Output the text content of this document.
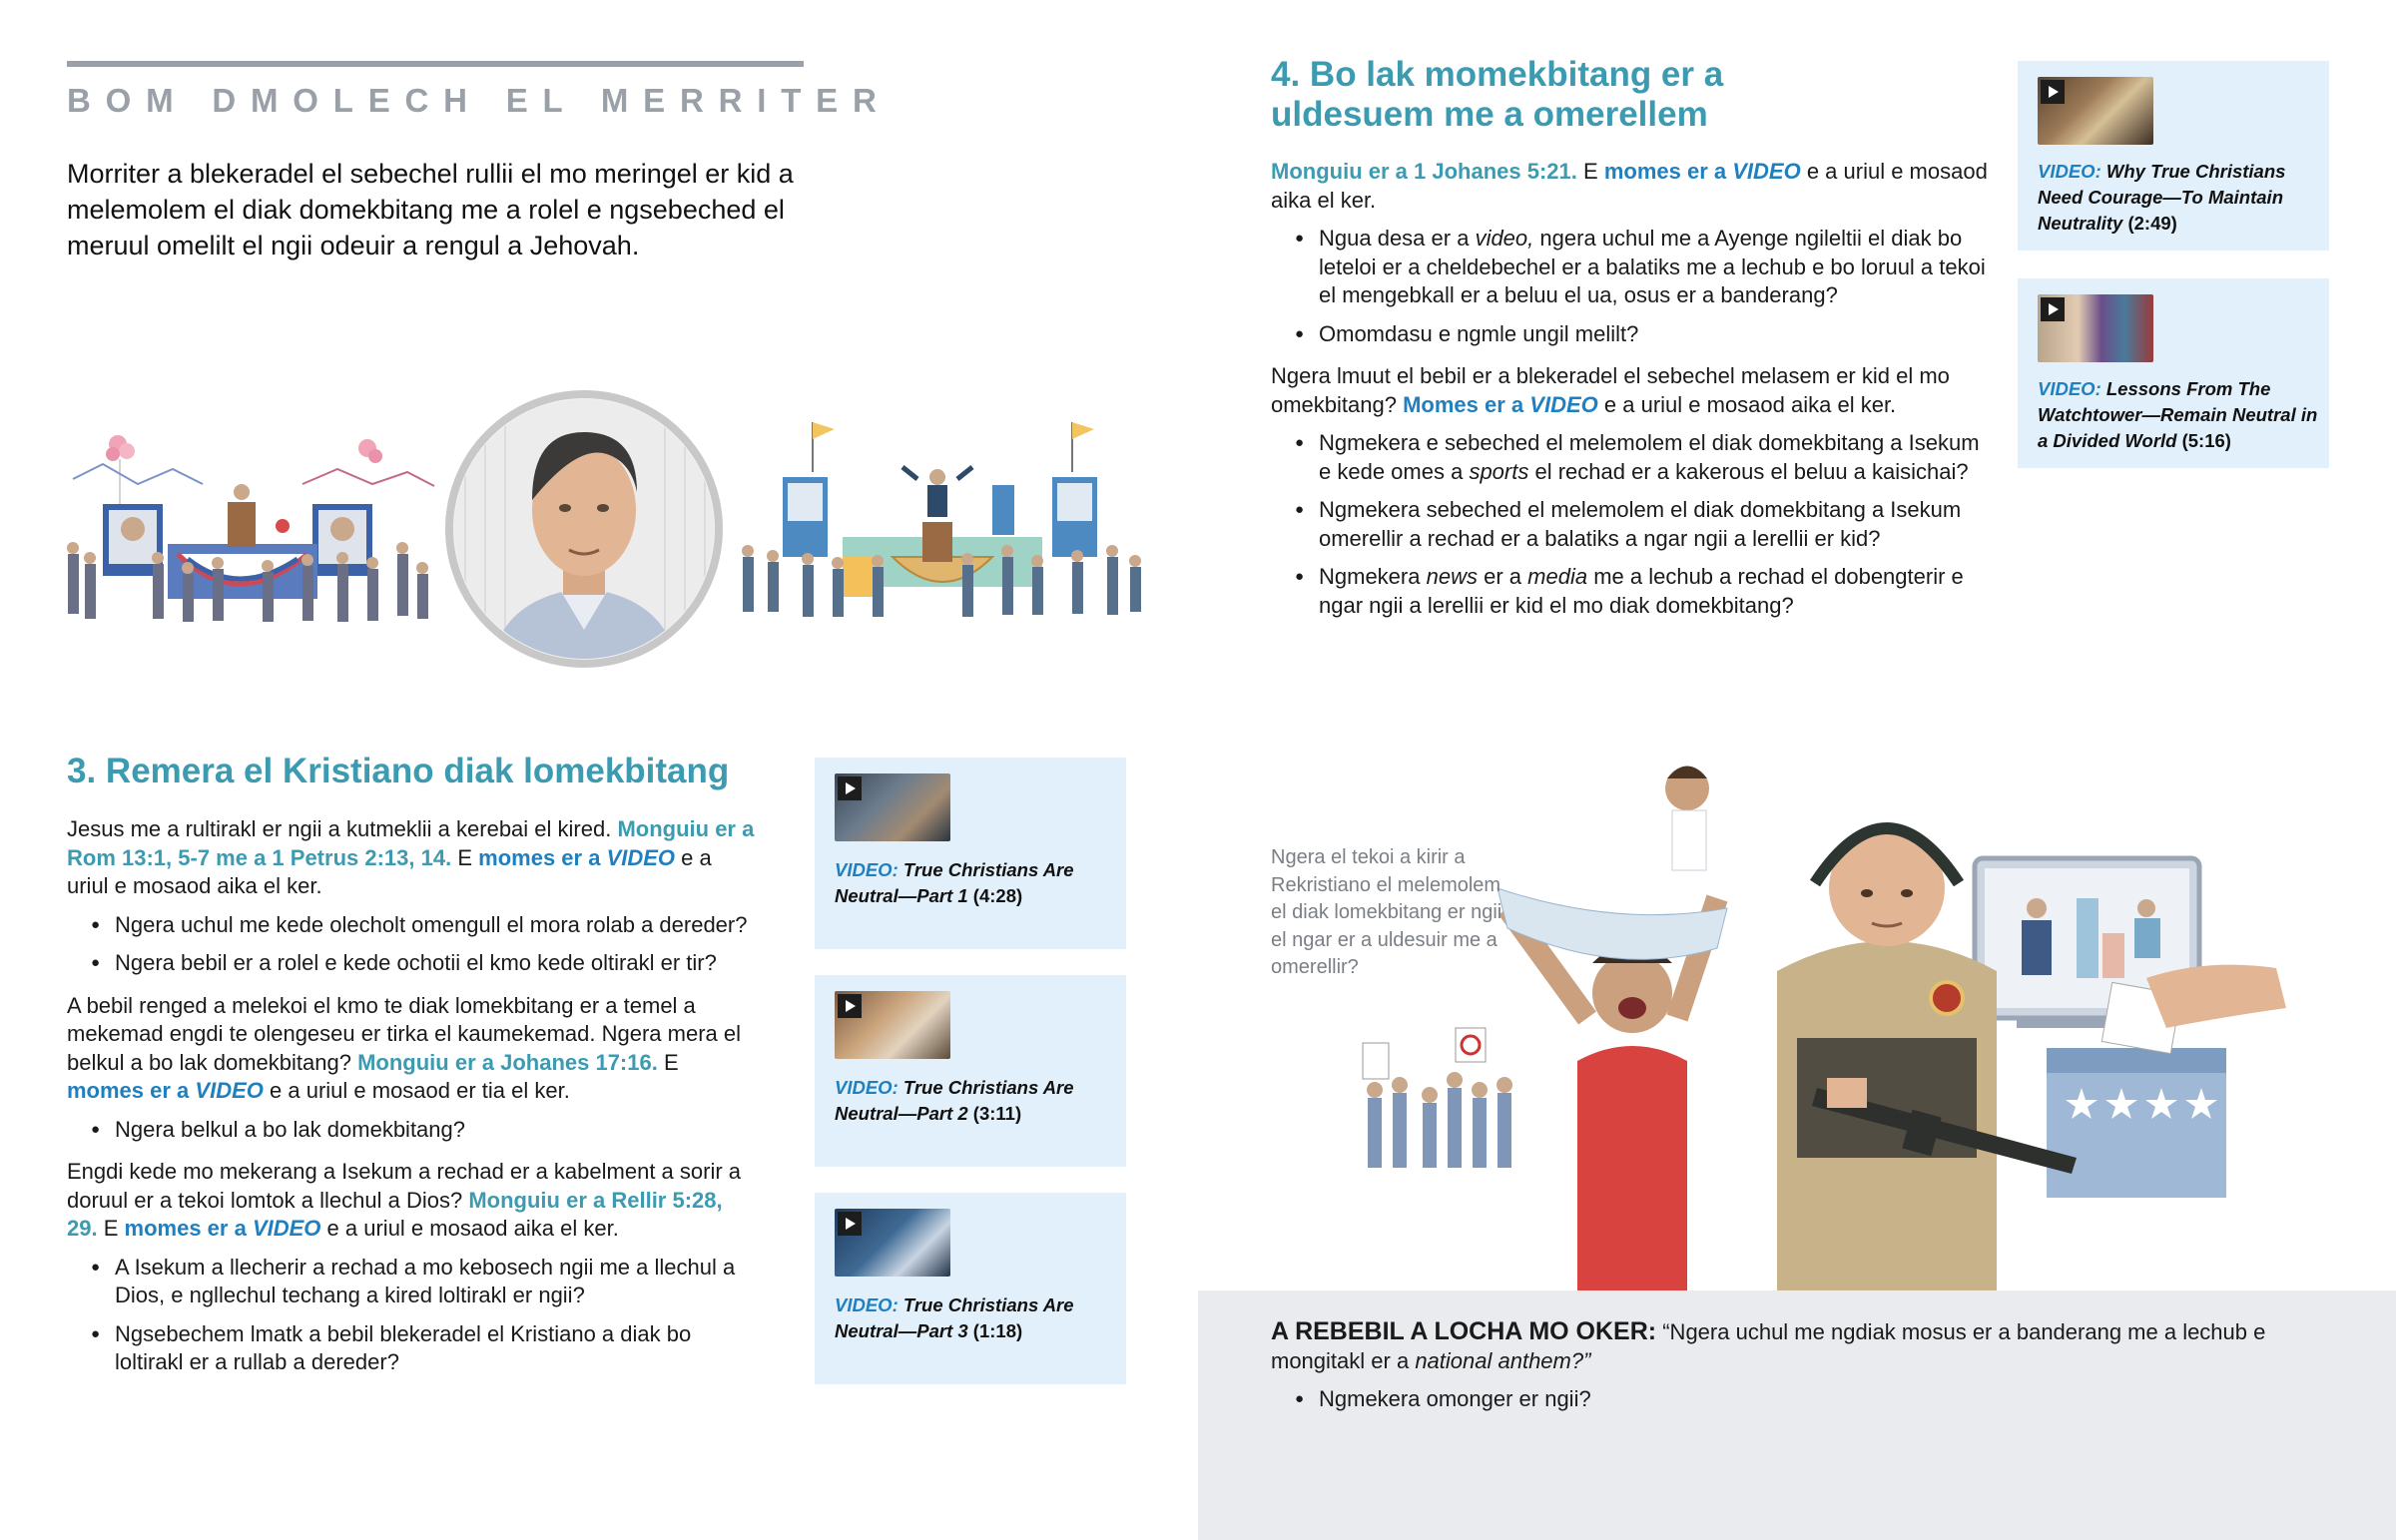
BOM DMOLECH EL MERRITER
Morriter a blekeradel el sebechel rullii el mo meringel er kid a melemolem el diak domekbitang me a rolel e ngsebeched el meruul omelilt el ngii odeuir a rengul a Jehovah.
3. Remera el Kristiano diak lomekbitang

Jesus me a rultirakl er ngii a kutmeklii a kerebai el kired. Monguiu er a Rom 13:1, 5-7 me a 1 Petrus 2:13, 14. E momes er a VIDEO e a uriul e mosaod aika el ker.

● Ngera uchul me kede olecholt omengull el mora rolab a dereder?
● Ngera bebil er a rolel e kede ochotii el kmo kede oltirakl er tir?

A bebil renged a melekoi el kmo te diak lomekbitang er a temel a mekemad engdi te olengeseu er tirka el kaumekemad. Ngera mera el belkul a bo lak domekbitang? Monguiu er a Johanes 17:16. E momes er a VIDEO e a uriul e mosaod er tia el ker.

● Ngera belkul a bo lak domekbitang?

Engdi kede mo mekerang a Isekum a rechad er a kabelment a sorir a doruul er a tekoi lomtok a llechul a Dios? Monguiu er a Rellir 5:28, 29. E momes er a VIDEO e a uriul e mosaod aika el ker.

● A Isekum a llecherir a rechad a mo kebosech ngii me a llechul a Dios, e ngllechul techang a kired loltirakl er ngii?
● Ngsebechem lmatk a bebil blekeradel el Kristiano a diak bo loltirakl er a rullab a dereder?
VIDEO: True Christians Are Neutral—Part 1 (4:28)
VIDEO: True Christians Are Neutral—Part 2 (3:11)
VIDEO: True Christians Are Neutral—Part 3 (1:18)
4. Bo lak momekbitang er a uldesuem me a omerellem

Monguiu er a 1 Johanes 5:21. E momes er a VIDEO e a uriul e mosaod aika el ker.

● Ngua desa er a video, ngera uchul me a Ayenge ngileltii el diak bo leteloi er a cheldebechel er a balatiks me a lechub e bo loruul a tekoi el mengebkall er a beluu el ua, osus er a banderang?
● Omomdasu e ngmle ungil melilt?

Ngera lmuut el bebil er a blekeradel el sebechel melasem er kid el mo omekbitang? Momes er a VIDEO e a uriul e mosaod aika el ker.

● Ngmekera e sebeched el melemolem el diak domekbitang a Isekum e kede omes a sports el rechad er a kakerous el beluu a kaisichai?
● Ngmekera sebeched el melemolem el diak domekbitang a Isekum omerellir a rechad er a balatiks a ngar ngii a lerellii er kid?
● Ngmekera news er a media me a lechub a rechad el dobengterir e ngar ngii a lerellii er kid el mo diak domekbitang?
VIDEO: Why True Christians Need Courage—To Maintain Neutrality (2:49)
VIDEO: Lessons From The Watchtower—Remain Neutral in a Divided World (5:16)
Ngera el tekoi a kirir a Rekristiano el melemolem el diak lomekbitang er ngii el ngar er a uldesuir me a omerellir?

A REBEBIL A LOCHA MO OKER: “Ngera uchul me ngdiak mosus er a banderang me a lechub e mongitakl er a national anthem?”

● Ngmekera omonger er ngii?
